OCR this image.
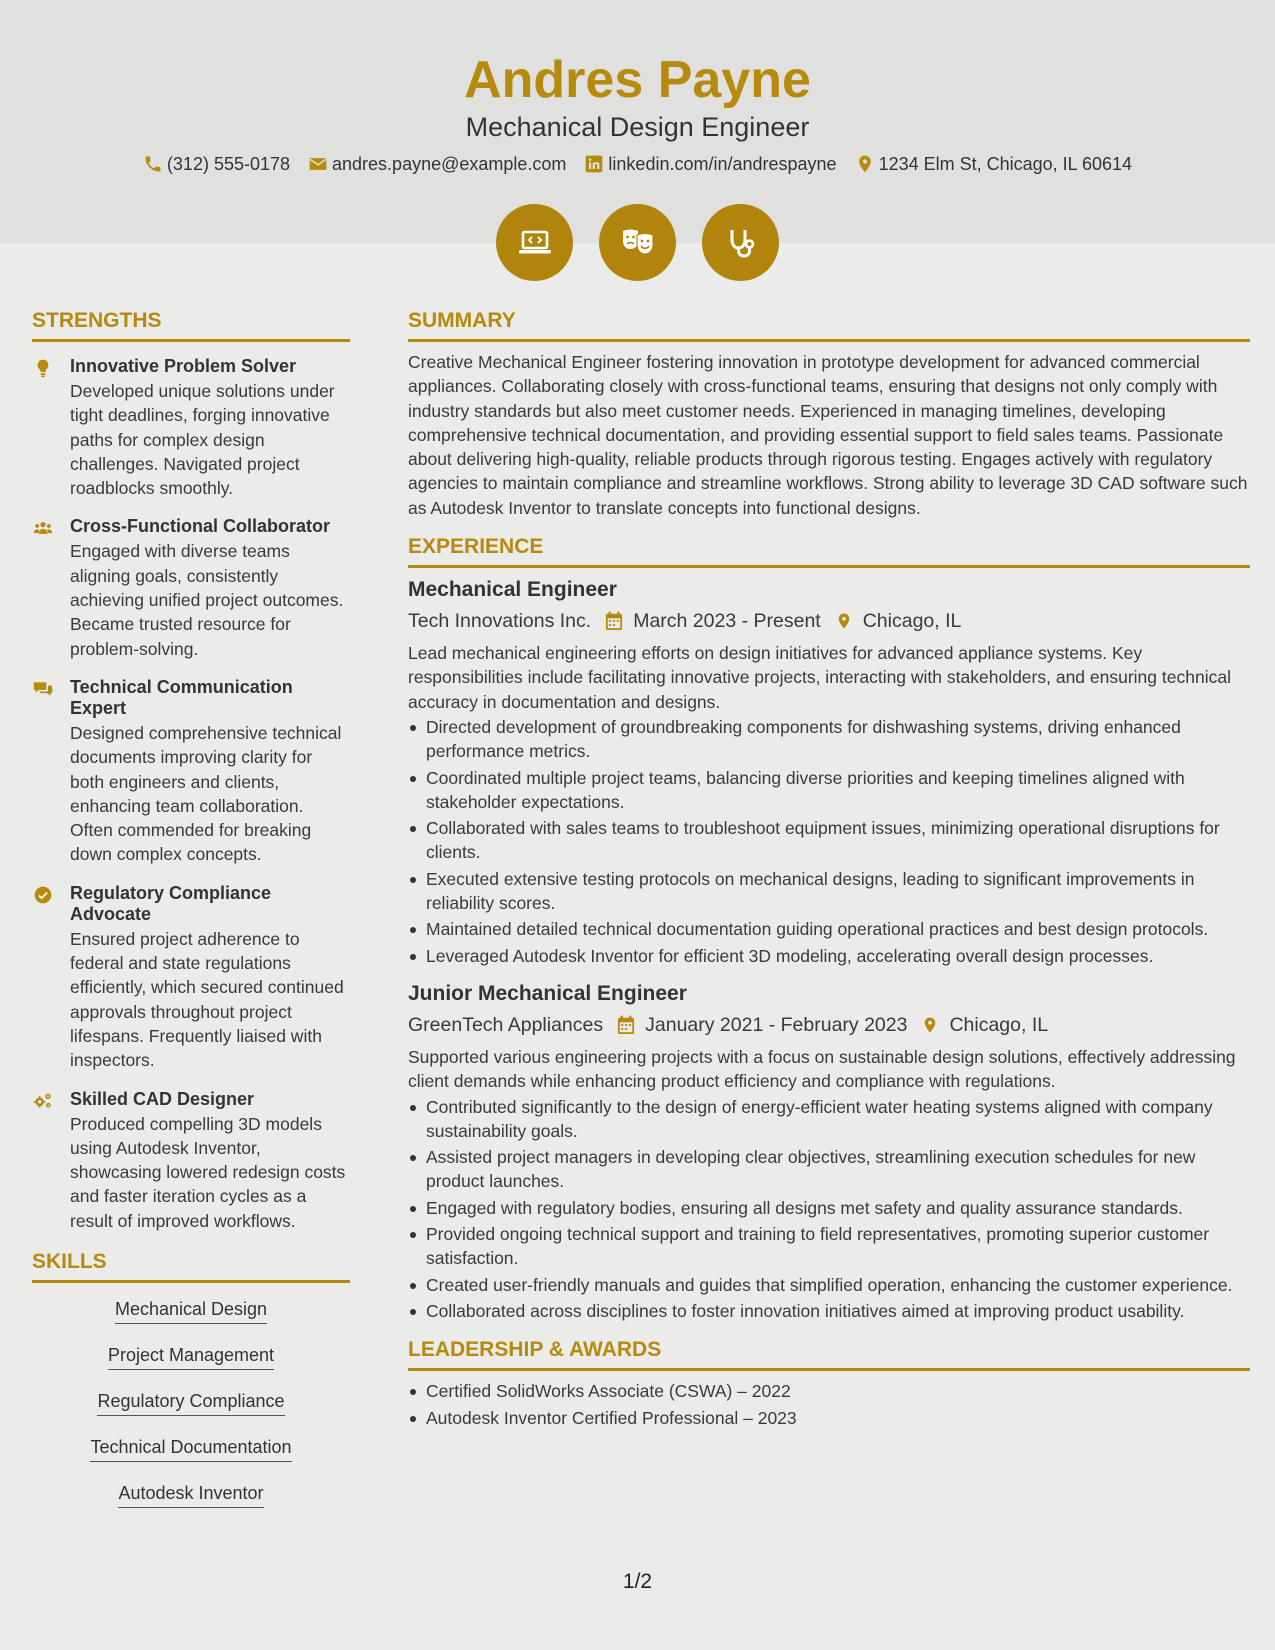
Andres Payne
Mechanical Design Engineer
(312) 555-0178 andres.payne@example.com linkedin.com/in/andrespayne 1234 Elm St, Chicago, IL 60614
STRENGTHS
Innovative Problem Solver
Developed unique solutions under tight deadlines, forging innovative paths for complex design challenges. Navigated project roadblocks smoothly.
Cross-Functional Collaborator
Engaged with diverse teams aligning goals, consistently achieving unified project outcomes. Became trusted resource for problem-solving.
Technical Communication Expert
Designed comprehensive technical documents improving clarity for both engineers and clients, enhancing team collaboration. Often commended for breaking down complex concepts.
Regulatory Compliance Advocate
Ensured project adherence to federal and state regulations efficiently, which secured continued approvals throughout project lifespans. Frequently liaised with inspectors.
Skilled CAD Designer
Produced compelling 3D models using Autodesk Inventor, showcasing lowered redesign costs and faster iteration cycles as a result of improved workflows.
SKILLS
Mechanical Design
Project Management
Regulatory Compliance
Technical Documentation
Autodesk Inventor
SUMMARY
Creative Mechanical Engineer fostering innovation in prototype development for advanced commercial appliances. Collaborating closely with cross-functional teams, ensuring that designs not only comply with industry standards but also meet customer needs. Experienced in managing timelines, developing comprehensive technical documentation, and providing essential support to field sales teams. Passionate about delivering high-quality, reliable products through rigorous testing. Engages actively with regulatory agencies to maintain compliance and streamline workflows. Strong ability to leverage 3D CAD software such as Autodesk Inventor to translate concepts into functional designs.
EXPERIENCE
Mechanical Engineer
Tech Innovations Inc. March 2023 - Present Chicago, IL
Lead mechanical engineering efforts on design initiatives for advanced appliance systems. Key responsibilities include facilitating innovative projects, interacting with stakeholders, and ensuring technical accuracy in documentation and designs.
Directed development of groundbreaking components for dishwashing systems, driving enhanced performance metrics.
Coordinated multiple project teams, balancing diverse priorities and keeping timelines aligned with stakeholder expectations.
Collaborated with sales teams to troubleshoot equipment issues, minimizing operational disruptions for clients.
Executed extensive testing protocols on mechanical designs, leading to significant improvements in reliability scores.
Maintained detailed technical documentation guiding operational practices and best design protocols.
Leveraged Autodesk Inventor for efficient 3D modeling, accelerating overall design processes.
Junior Mechanical Engineer
GreenTech Appliances January 2021 - February 2023 Chicago, IL
Supported various engineering projects with a focus on sustainable design solutions, effectively addressing client demands while enhancing product efficiency and compliance with regulations.
Contributed significantly to the design of energy-efficient water heating systems aligned with company sustainability goals.
Assisted project managers in developing clear objectives, streamlining execution schedules for new product launches.
Engaged with regulatory bodies, ensuring all designs met safety and quality assurance standards.
Provided ongoing technical support and training to field representatives, promoting superior customer satisfaction.
Created user-friendly manuals and guides that simplified operation, enhancing the customer experience.
Collaborated across disciplines to foster innovation initiatives aimed at improving product usability.
LEADERSHIP & AWARDS
Certified SolidWorks Associate (CSWA) – 2022
Autodesk Inventor Certified Professional – 2023
1/2
